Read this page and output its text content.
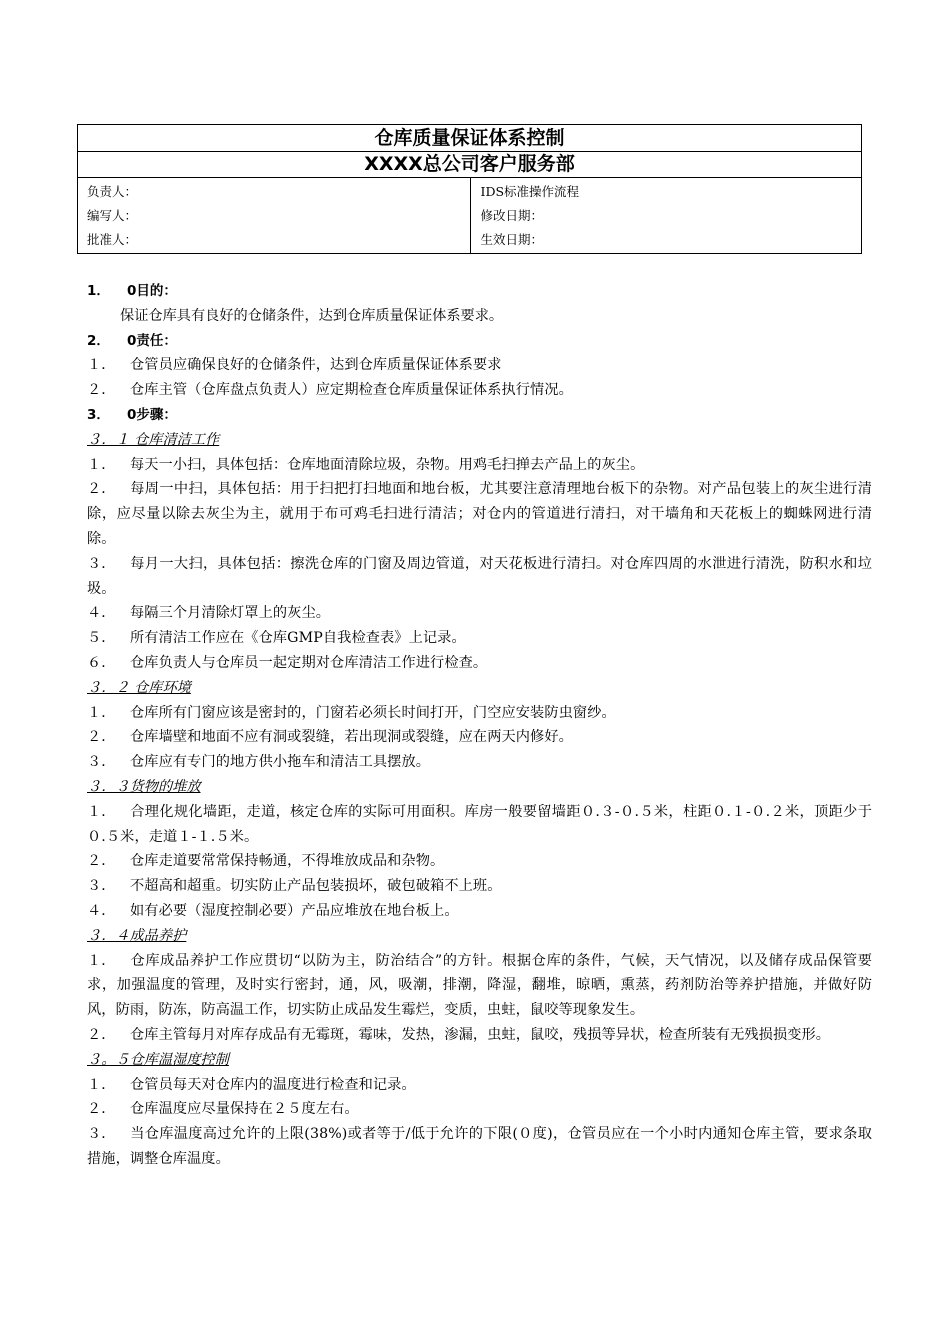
仓库质量保证体系控制
XXXX总公司客户服务部
负责人：
编写人：
批准人：
IDS标准操作流程
修改日期：
生效日期：
1． 0目的：
保证仓库具有良好的仓储条件，达到仓库质量保证体系要求。
2． 0责任：
１． 仓管员应确保良好的仓储条件，达到仓库质量保证体系要求
２． 仓库主管（仓库盘点负责人）应定期检查仓库质量保证体系执行情况。
3． 0步骤：
３．１ 仓库清洁工作
１． 每天一小扫，具体包括：仓库地面清除垃圾，杂物。用鸡毛扫掸去产品上的灰尘。
２． 每周一中扫，具体包括：用于扫把打扫地面和地台板，尤其要注意清理地台板下的杂物。对产品包装上的灰尘进行清除，应尽量以除去灰尘为主，就用于布可鸡毛扫进行清洁；对仓内的管道进行清扫，对干墙角和天花板上的蜘蛛网进行清除。
３． 每月一大扫，具体包括：擦洗仓库的门窗及周边管道，对天花板进行清扫。对仓库四周的水泄进行清洗，防积水和垃圾。
４． 每隔三个月清除灯罩上的灰尘。
５． 所有清洁工作应在《仓库GMP自我检查表》上记录。
６． 仓库负责人与仓库员一起定期对仓库清洁工作进行检查。
３．２ 仓库环境
１． 仓库所有门窗应该是密封的，门窗若必须长时间打开，门空应安装防虫窗纱。
２． 仓库墙壁和地面不应有洞或裂缝，若出现洞或裂缝，应在两天内修好。
３． 仓库应有专门的地方供小拖车和清洁工具摆放。
３．３货物的堆放
１． 合理化规化墙距，走道，核定仓库的实际可用面积。库房一般要留墙距０.３-０.５米，柱距０.１-０.２米，顶距少于０.５米，走道１-１.５米。
２． 仓库走道要常常保持畅通，不得堆放成品和杂物。
３． 不超高和超重。切实防止产品包装损坏，破包破箱不上班。
４． 如有必要（湿度控制必要）产品应堆放在地台板上。
３．４成品养护
１． 仓库成品养护工作应贯切“以防为主，防治结合”的方针。根据仓库的条件，气候，天气情况，以及储存成品保管要求，加强温度的管理，及时实行密封，通，风，吸潮，排潮，降湿，翻堆，晾晒，熏蒸，药剂防治等养护措施，并做好防风，防雨，防冻，防高温工作，切实防止成品发生霉烂，变质，虫蛀，鼠咬等现象发生。
２． 仓库主管每月对库存成品有无霉斑，霉味，发热，渗漏，虫蛀，鼠咬，残损等异状，检查所装有无残损损变形。
３。５仓库温湿度控制
１． 仓管员每天对仓库内的温度进行检查和记录。
２． 仓库温度应尽量保持在２５度左右。
３． 当仓库温度高过允许的上限(38%)或者等于/低于允许的下限(０度)，仓管员应在一个小时内通知仓库主管，要求条取措施，调整仓库温度。
